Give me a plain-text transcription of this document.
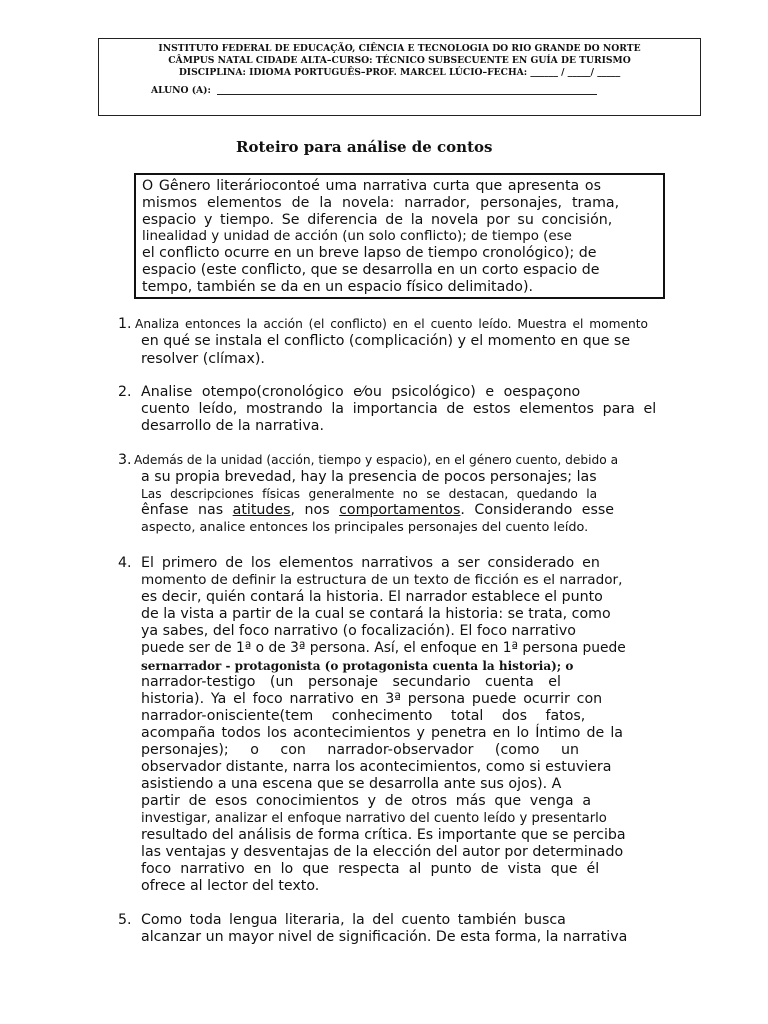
INSTITUTO FEDERAL DE EDUCAÇÃO, CIÊNCIA E TECNOLOGIA DO RIO GRANDE DO NORTE
CÂMPUS NATAL CIDADE ALTA–CURSO: TÉCNICO SUBSECUENTE EN GUÍA DE TURISMO
DISCIPLINA: IDIOMA PORTUGUÊS–PROF. MARCEL LÚCIO–FECHA: ______ / _____/ _____
ALUNO (A):
Roteiro para análise de contos
O Gênero literáriocontoé uma narrativa curta que apresenta os
mismos elementos de la novela: narrador, personajes, trama,
espacio y tiempo. Se diferencia de la novela por su concisión,
linealidad y unidad de acción (un solo conflicto); de tiempo (ese
el conflicto ocurre en un breve lapso de tiempo cronológico); de
espacio (este conflicto, que se desarrolla en un corto espacio de
tempo, también se da en un espacio físico delimitado).
1. Analiza entonces la acción (el conflicto) en el cuento leído. Muestra el momento
en qué se instala el conflicto (complicación) y el momento en que se
resolver (clímax).
2. Analise otempo(cronológico e⁄ou psicológico) e oespaçono
cuento leído, mostrando la importancia de estos elementos para el
desarrollo de la narrativa.
3. Además de la unidad (acción, tiempo y espacio), en el género cuento, debido a
a su propia brevedad, hay la presencia de pocos personajes; las
Las descripciones físicas generalmente no se destacan, quedando la
ênfase nas atitudes, nos comportamentos. Considerando esse
aspecto, analice entonces los principales personajes del cuento leído.
4. El primero de los elementos narrativos a ser considerado en
momento de definir la estructura de un texto de ficción es el narrador,
es decir, quién contará la historia. El narrador establece el punto
de la vista a partir de la cual se contará la historia: se trata, como
ya sabes, del foco narrativo (o focalización). El foco narrativo
puede ser de 1ª o de 3ª persona. Así, el enfoque en 1ª persona puede
sernarrador - protagonista (o protagonista cuenta la historia); o
narrador-testigo (un personaje secundario cuenta el
historia). Ya el foco narrativo en 3ª persona puede ocurrir con
narrador-onisciente(tem conhecimento total dos fatos,
acompaña todos los acontecimientos y penetra en lo Íntimo de la
personajes); o con narrador-observador (como un
observador distante, narra los acontecimientos, como si estuviera
asistiendo a una escena que se desarrolla ante sus ojos). A
partir de esos conocimientos y de otros más que venga a
investigar, analizar el enfoque narrativo del cuento leído y presentarlo
resultado del análisis de forma crítica. Es importante que se perciba
las ventajas y desventajas de la elección del autor por determinado
foco narrativo en lo que respecta al punto de vista que él
ofrece al lector del texto.
5. Como toda lengua literaria, la del cuento también busca
alcanzar un mayor nivel de significación. De esta forma, la narrativa
